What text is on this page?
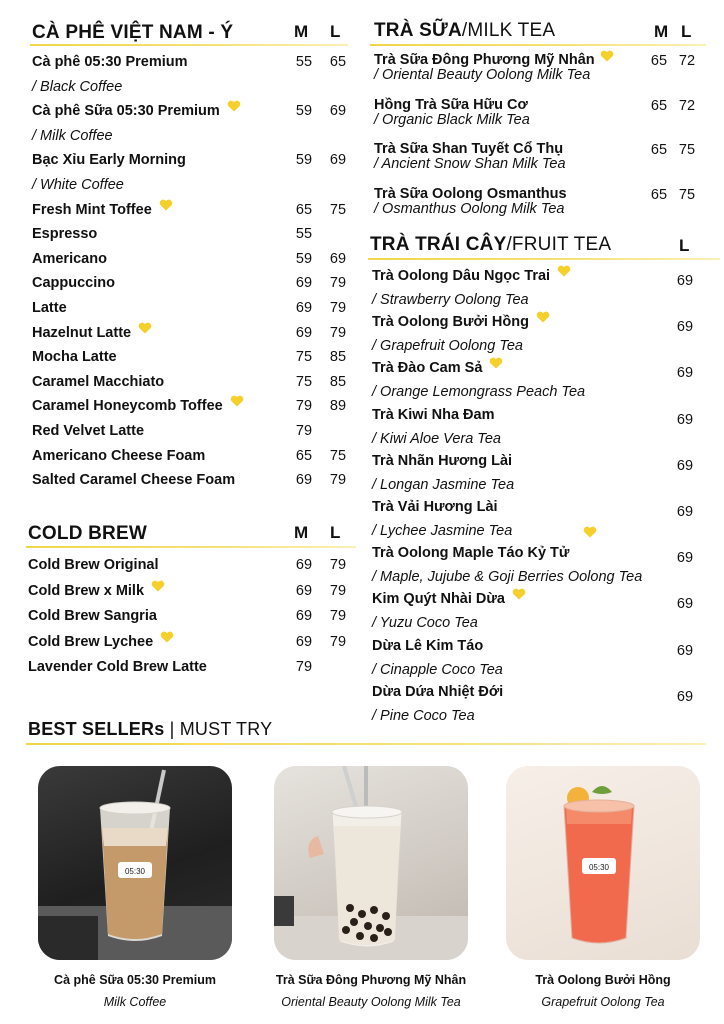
CÀ PHÊ VIỆT NAM - Ý	M L
Cà phê 05:30 Premium	55	65
/ Black Coffee
Cà phê Sữa 05:30 Premium	59	69
/ Milk Coffee
Bạc Xỉu Early Morning	59	69
/ White Coffee
Fresh Mint Toffee	65	75
Espresso	55
Americano	59	69
Cappuccino	69	79
Latte	69	79
Hazelnut Latte	69	79
Mocha Latte	75	85
Caramel Macchiato	75	85
Caramel Honeycomb Toffee	79	89
Red Velvet Latte	79
Americano Cheese Foam	65	75
Salted Caramel Cheese Foam	69	79
COLD BREW	M L
Cold Brew Original	69	79
Cold Brew x Milk	69	79
Cold Brew Sangria	69	79
Cold Brew Lychee	69	79
Lavender Cold Brew Latte	79
TRÀ SỮA/MILK TEA	M L
Trà Sữa Đông Phương Mỹ Nhân
/ Oriental Beauty Oolong Milk Tea
65 72
Hồng Trà Sữa Hữu Cơ
/ Organic Black Milk Tea
65 72
Trà Sữa Shan Tuyết Cổ Thụ
/ Ancient Snow Shan Milk Tea
65 75
Trà Sữa Oolong Osmanthus
/ Osmanthus Oolong Milk Tea
65 75
TRÀ TRÁI CÂY/FRUIT TEA	L
Trà Oolong Dâu Ngọc Trai
/ Strawberry Oolong Tea
69
Trà Oolong Bưởi Hồng
/ Grapefruit Oolong Tea
69
Trà Đào Cam Sả
/ Orange Lemongrass Peach Tea
69
Trà Kiwi Nha Đam
/ Kiwi Aloe Vera Tea
69
Trà Nhãn Hương Lài
/ Longan Jasmine Tea
69
Trà Vải Hương Lài
/ Lychee Jasmine Tea
69
Trà Oolong Maple Táo Kỷ Tử
/ Maple, Jujube & Goji Berries Oolong Tea
69
Kim Quýt Nhài Dừa
/ Yuzu Coco Tea
69
Dừa Lê Kim Táo
/ Cinapple Coco Tea
69
Dừa Dứa Nhiệt Đới
/ Pine Coco Tea
69
BEST SELLERs | MUST TRY
05:30	05:30
Cà phê Sữa 05:30 Premium
Milk Coffee
Trà Sữa Đông Phương Mỹ Nhân
Oriental Beauty Oolong Milk Tea
Trà Oolong Bưởi Hồng
Grapefruit Oolong Tea
